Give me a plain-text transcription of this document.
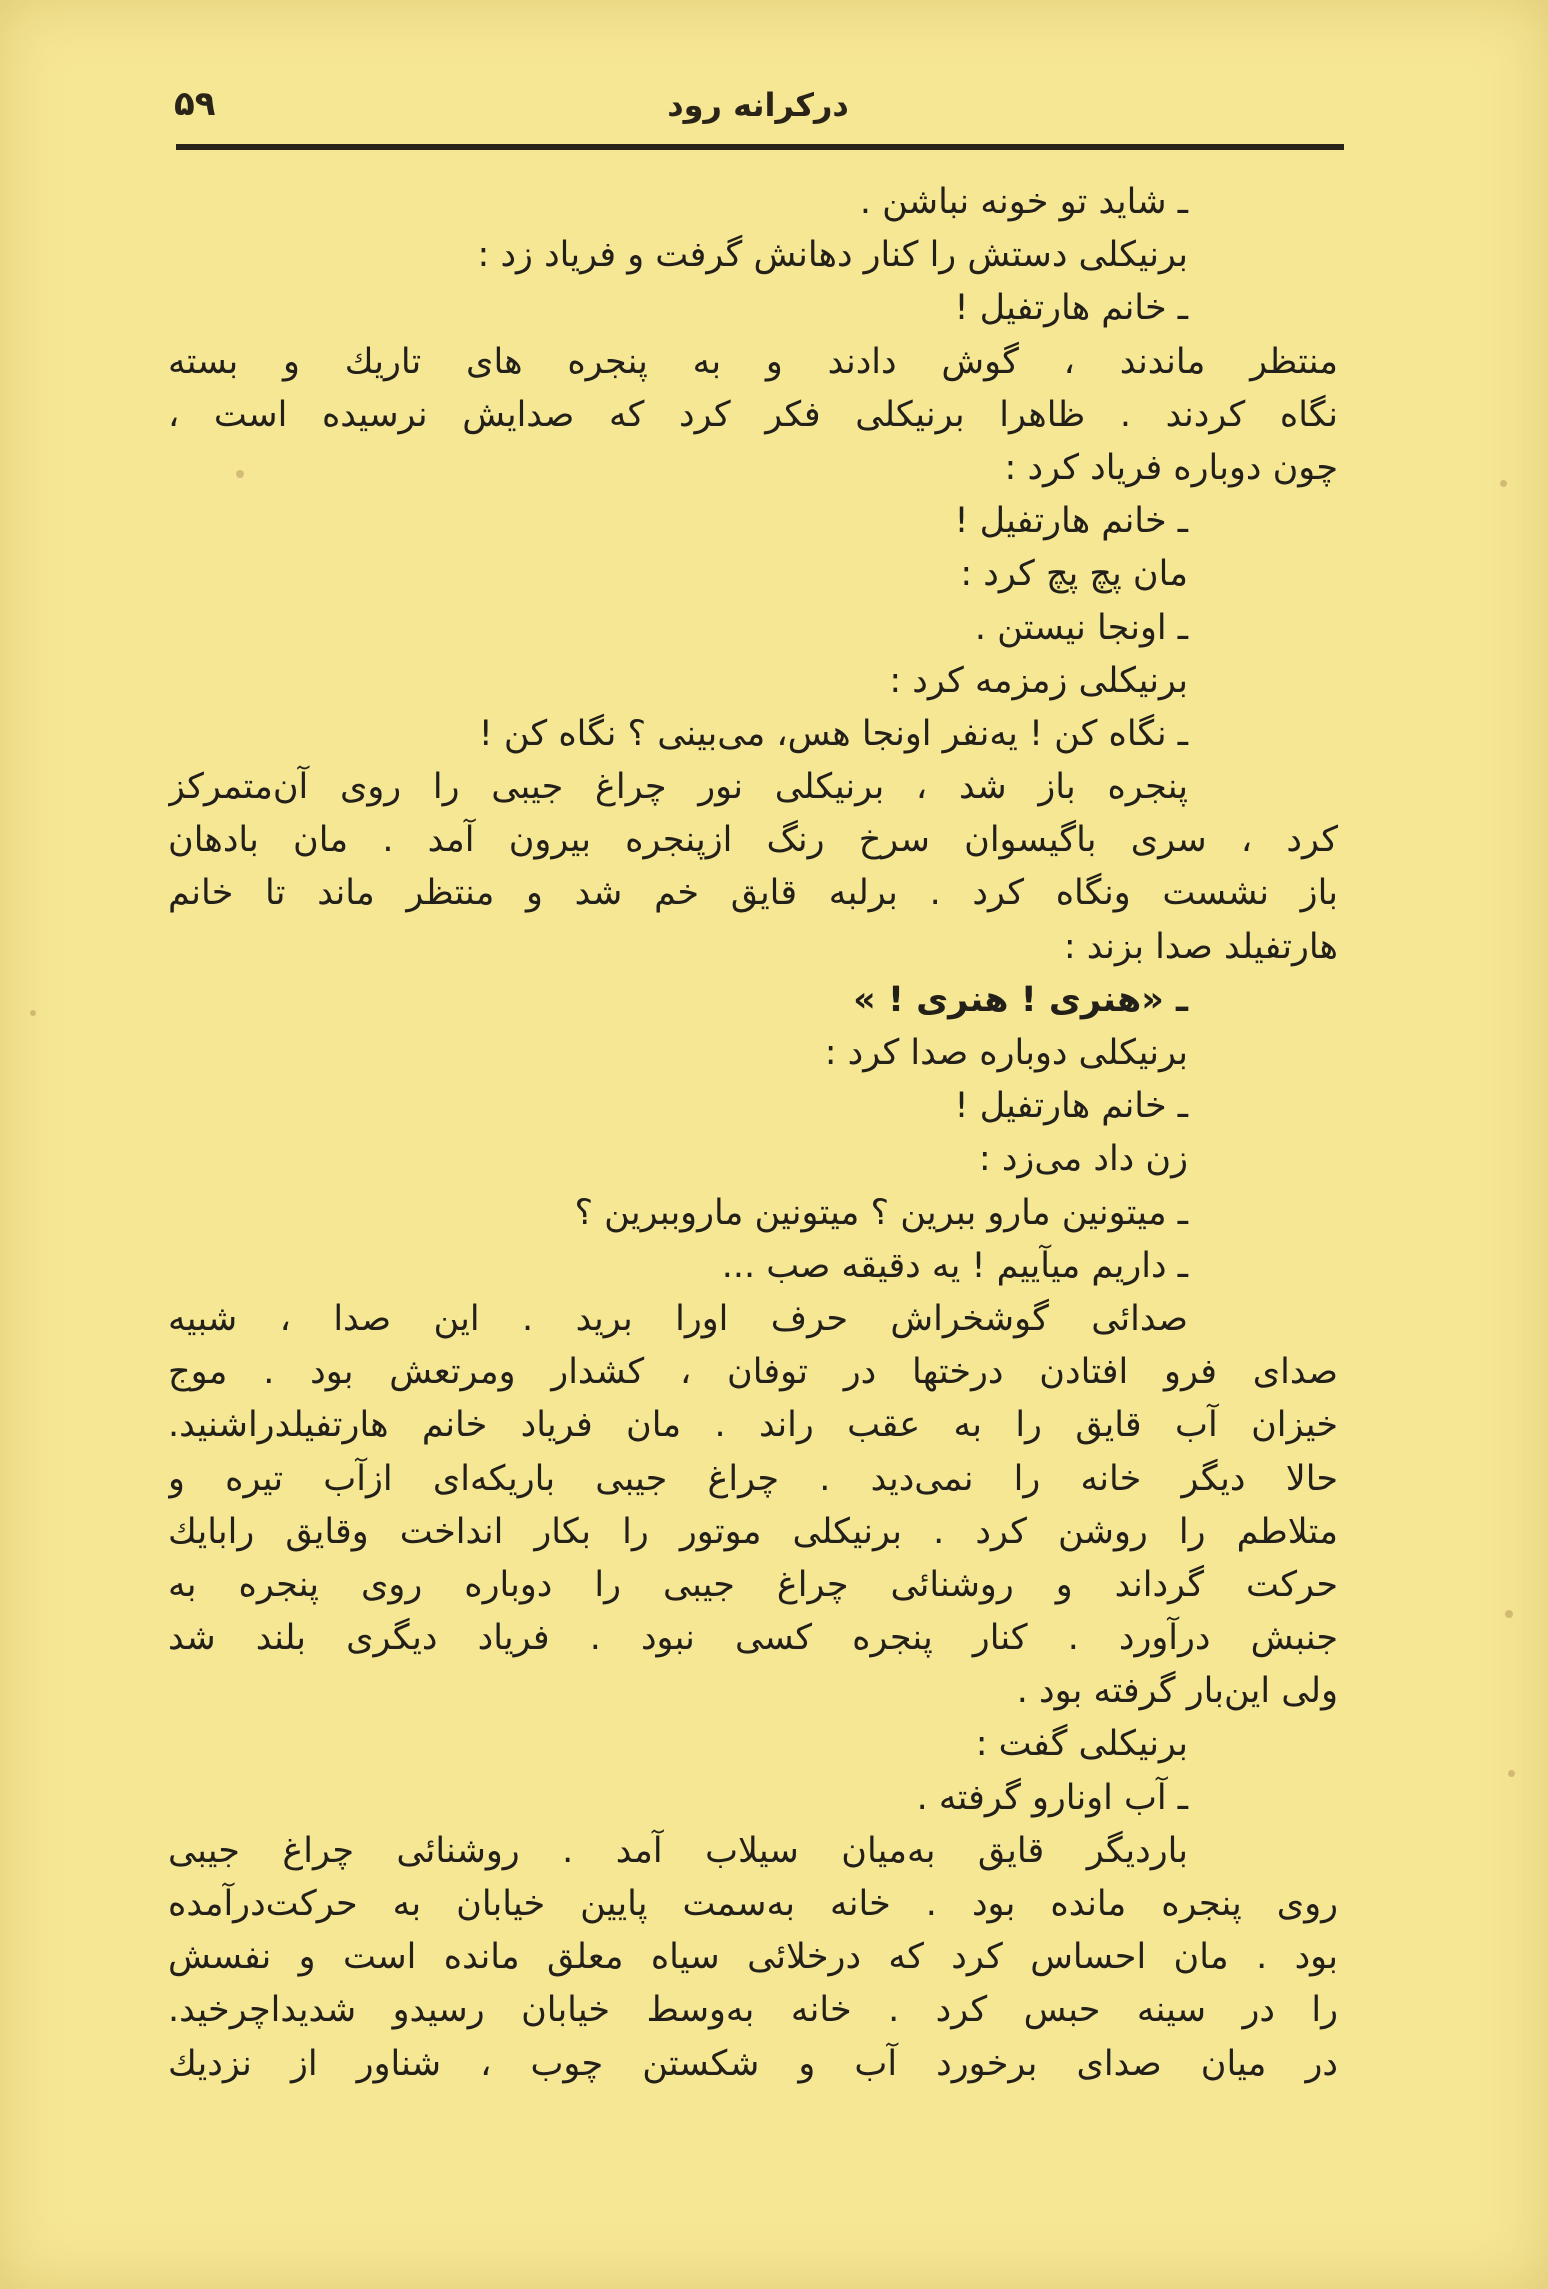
۵۹	درکرانه رود
ـ شاید تو خونه نباشن .
برنیکلی دستش را کنار دهانش گرفت و فریاد زد :
ـ خانم هارتفیل !
منتظر ماندند ، گوش دادند و به پنجره های تاریك و بسته
نگاه کردند . ظاهرا برنیکلی فکر کرد که صدایش نرسیده است ،
چون دوباره فریاد کرد :
ـ خانم هارتفیل !
مان پچ پچ کرد :
ـ اونجا نیستن .
برنیکلی زمزمه کرد :
ـ نگاه کن ! یه‌نفر اونجا هس، می‌بینی ؟ نگاه کن !
پنجره باز شد ، برنیکلی نور چراغ جیبی را روی آن‌متمرکز
کرد ، سری باگیسوان سرخ رنگ ازپنجره بیرون آمد . مان بادهان
باز نشست ونگاه کرد . برلبه قایق خم شد و منتظر ماند تا خانم
هارتفیلد صدا بزند :
ـ «هنری ! هنری ! »
برنیکلی دوباره صدا کرد :
ـ خانم هارتفیل !
زن داد می‌زد :
ـ میتونین مارو ببرین ؟ میتونین ماروببرین ؟
ـ داریم میآییم ! یه دقیقه صب ...
صدائی گوشخراش حرف اورا برید . این صدا ، شبیه
صدای فرو افتادن درختها در توفان ، کشدار ومرتعش بود . موج
خیزان آب قایق را به عقب راند . مان فریاد خانم هارتفیلدراشنید.
حالا دیگر خانه را نمی‌دید . چراغ جیبی باریکه‌ای ازآب تیره و
متلاطم را روشن کرد . برنیکلی موتور را بکار انداخت وقایق رابایك
حرکت گرداند و روشنائی چراغ جیبی را دوباره روی پنجره به
جنبش درآورد . کنار پنجره کسی نبود . فریاد دیگری بلند شد
ولی این‌بار گرفته بود .
برنیکلی گفت :
ـ آب اونارو گرفته .
باردیگر قایق به‌میان سیلاب آمد . روشنائی چراغ جیبی
روی پنجره مانده بود . خانه به‌سمت پایین خیابان به حرکت‌درآمده
بود . مان احساس کرد که درخلائی سیاه معلق مانده است و نفسش
را در سینه حبس کرد . خانه به‌وسط خیابان رسیدو شدیداچرخید.
در میان صدای برخورد آب و شکستن چوب ، شناور از نزدیك
